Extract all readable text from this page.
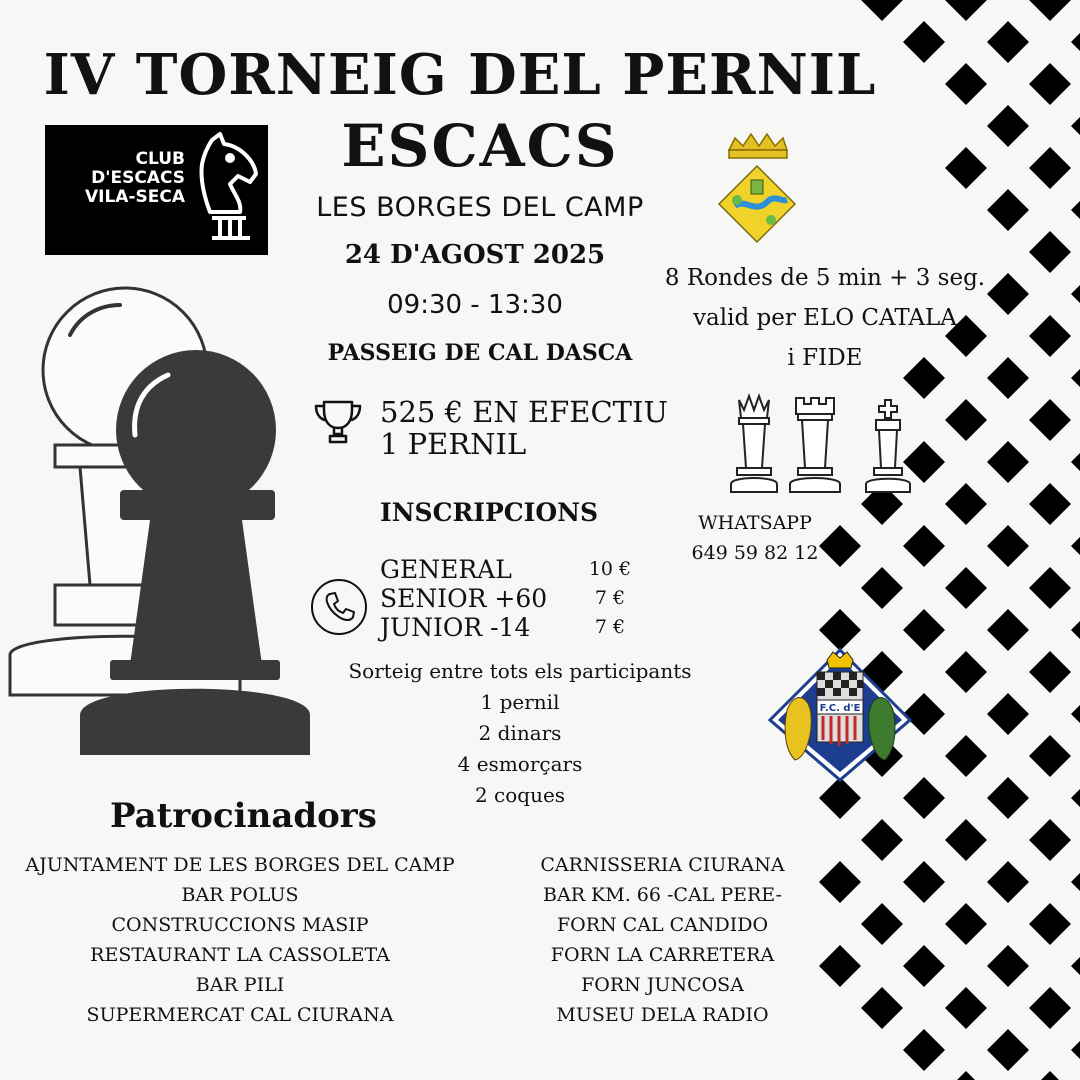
IV TORNEIG DEL PERNIL
ESCACS
CLUB
D'ESCACS
VILA-SECA	LES BORGES DEL CAMP
24 D'AGOST 2025
09:30 - 13:30
PASSEIG DE CAL DASCA
525 € EN EFECTIU
1 PERNIL
INSCRIPCIONS
GENERAL
SENIOR +60
JUNIOR -14
10 €
7 €
7 €
Sorteig entre tots els participants
1 pernil
2 dinars
4 esmorçars
2 coques
8 Rondes de 5 min + 3 seg.
valid per ELO CATALA
i FIDE
WHATSAPP
649 59 82 12
F.C. d'E
Patrocinadors
AJUNTAMENT DE LES BORGES DEL CAMP
BAR POLUS
CONSTRUCCIONS MASIP
RESTAURANT LA CASSOLETA
BAR PILI
SUPERMERCAT CAL CIURANA
CARNISSERIA CIURANA
BAR KM. 66 -CAL PERE-
FORN CAL CANDIDO
FORN LA CARRETERA
FORN JUNCOSA
MUSEU DELA RADIO
